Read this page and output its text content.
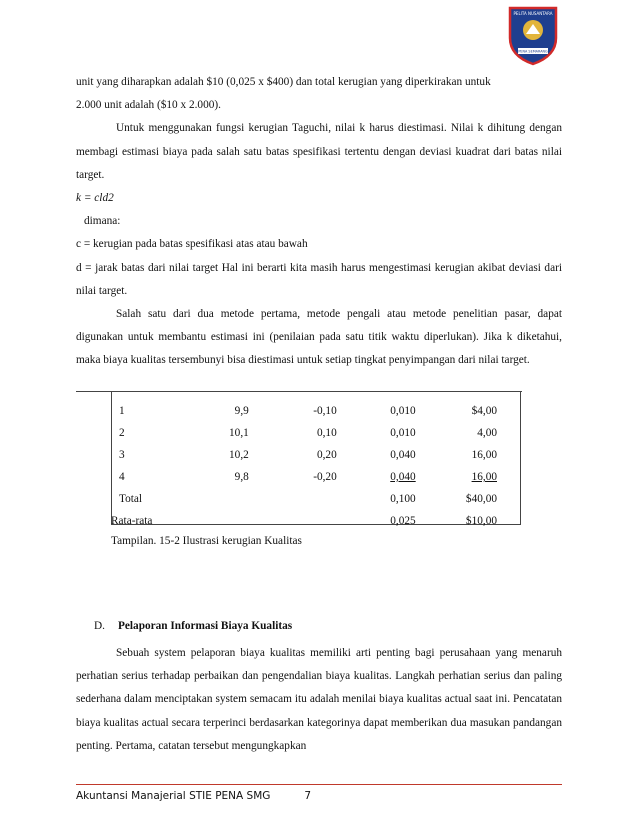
PELITA NUSANTARA
PENA SEMARANG

unit yang diharapkan adalah $10 (0,025 x $400) dan total kerugian yang diperkirakan untuk

2.000 unit adalah ($10 x 2.000).

Untuk menggunakan fungsi kerugian Taguchi, nilai k harus diestimasi. Nilai k dihitung dengan membagi estimasi biaya pada salah satu batas spesifikasi tertentu dengan deviasi kuadrat dari batas nilai target.

k = cld2

dimana:

c = kerugian pada batas spesifikasi atas atau bawah

d = jarak batas dari nilai target Hal ini berarti kita masih harus mengestimasi kerugian akibat deviasi dari nilai target.

Salah satu dari dua metode pertama, metode pengali atau metode penelitian pasar, dapat digunakan untuk membantu estimasi ini (penilaian pada satu titik waktu diperlukan). Jika k diketahui, maka biaya kualitas tersembunyi bisa diestimasi untuk setiap tingkat penyimpangan dari nilai target.

1	9,9	-0,10	0,010	$4,00
2	10,1	0,10	0,010	4,00
3	10,2	0,20	0,040	16,00
4	9,8	-0,20	0,040	16,00
Total			0,100	$40,00
Rata-rata			0,025	$10,00
Tampilan. 15-2 Ilustrasi kerugian Kualitas
D. Pelaporan Informasi Biaya Kualitas

Sebuah system pelaporan biaya kualitas memiliki arti penting bagi perusahaan yang menaruh perhatian serius terhadap perbaikan dan pengendalian biaya kualitas. Langkah perhatian serius dan paling sederhana dalam menciptakan system semacam itu adalah menilai biaya kualitas actual saat ini. Pencatatan biaya kualitas actual secara terperinci berdasarkan kategorinya dapat memberikan dua masukan pandangan penting. Pertama, catatan tersebut mengungkapkan

Akuntansi Manajerial STIE PENA SMG	7
